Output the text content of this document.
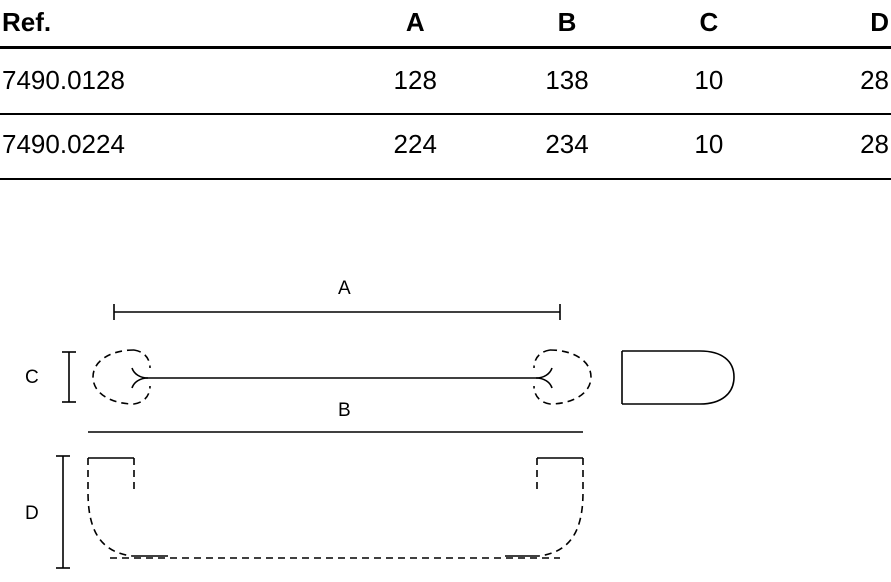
Ref.	A	B	C	D
7490.0128	128	138	10	28
7490.0224	224	234	10	28
A
B
C
D
